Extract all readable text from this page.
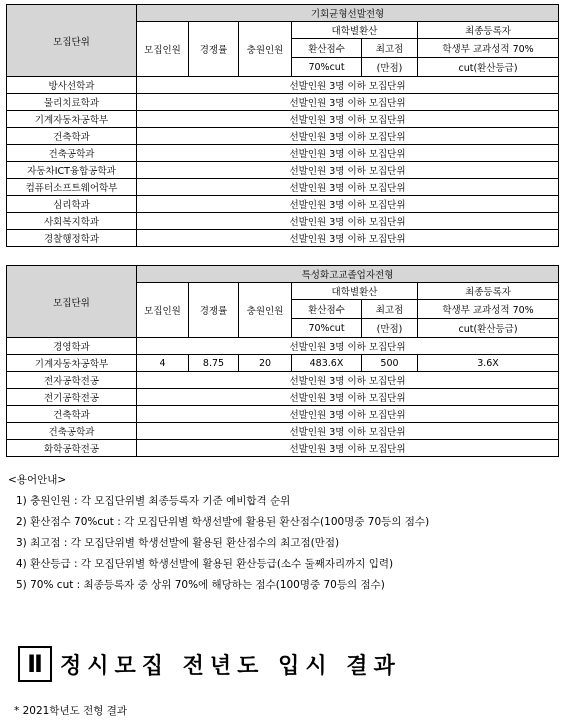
모집단위	기회균형선발전형					
	모집인원	경쟁률	충원인원	대학별환산		최종등록자
				환산점수	최고점	학생부 교과성적 70%
				70%cut	(만점)	cut(환산등급)
방사선학과	선발인원 3명 이하 모집단위					
물리치료학과	선발인원 3명 이하 모집단위					
기계자동차공학부	선발인원 3명 이하 모집단위					
건축학과	선발인원 3명 이하 모집단위					
건축공학과	선발인원 3명 이하 모집단위					
자동차ICT융합공학과	선발인원 3명 이하 모집단위					
컴퓨터소프트웨어학부	선발인원 3명 이하 모집단위					
심리학과	선발인원 3명 이하 모집단위					
사회복지학과	선발인원 3명 이하 모집단위					
경찰행정학과	선발인원 3명 이하 모집단위					
모집단위	특성화고교졸업자전형					
	모집인원	경쟁률	충원인원	대학별환산		최종등록자
				환산점수	최고점	학생부 교과성적 70%
				70%cut	(만점)	cut(환산등급)
경영학과	선발인원 3명 이하 모집단위					
기계자동차공학부	4	8.75	20	483.6X	500	3.6X
전자공학전공	선발인원 3명 이하 모집단위					
전기공학전공	선발인원 3명 이하 모집단위					
건축학과	선발인원 3명 이하 모집단위					
건축공학과	선발인원 3명 이하 모집단위					
화학공학전공	선발인원 3명 이하 모집단위					
<용어안내>
1) 충원인원 : 각 모집단위별 최종등록자 기준 예비합격 순위
2) 환산점수 70%cut : 각 모집단위별 학생선발에 활용된 환산점수(100명중 70등의 점수)
3) 최고점 : 각 모집단위별 학생선발에 활용된 환산점수의 최고점(만점)
4) 환산등급 : 각 모집단위별 학생선발에 활용된 환산등급(소수 둘째자리까지 입력)
5) 70% cut : 최종등록자 중 상위 70%에 해당하는 점수(100명중 70등의 점수)
Ⅱ 정시모집 전년도 입시 결과
* 2021학년도 전형 결과
